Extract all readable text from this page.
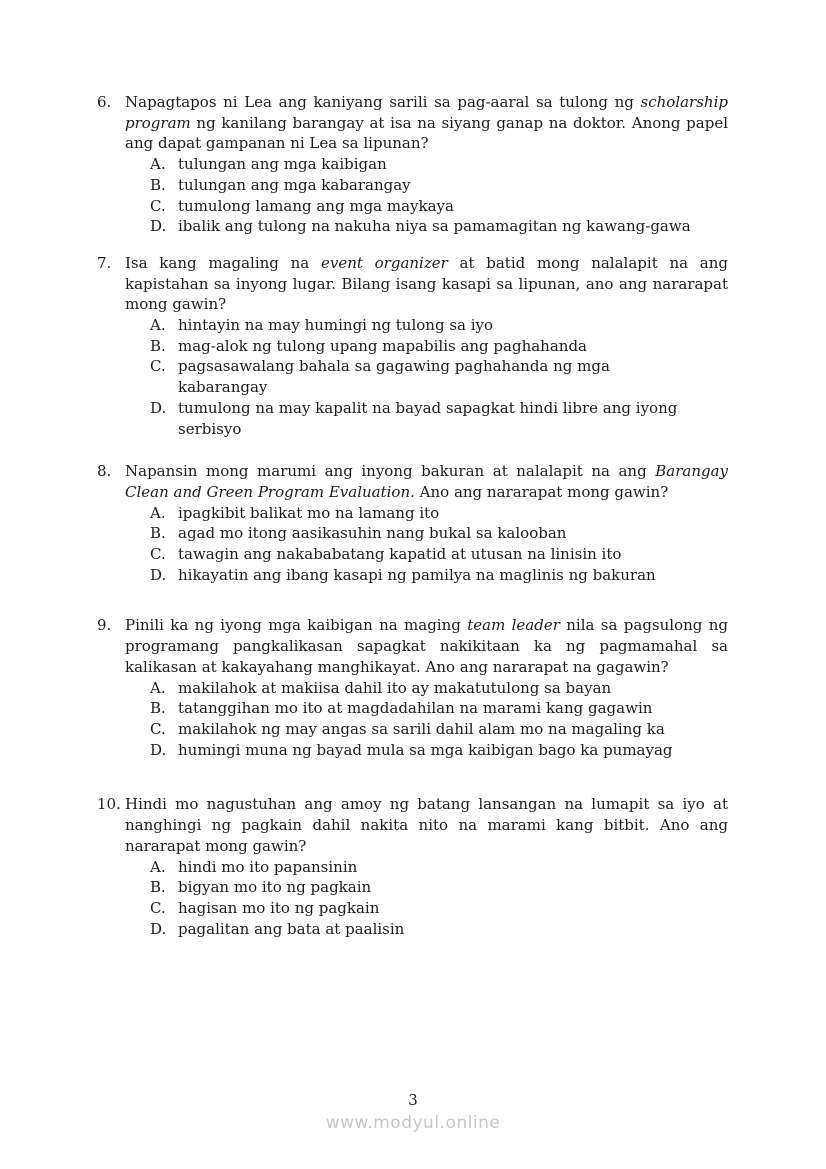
6. Napagtapos ni Lea ang kaniyang sarili sa pag-aaral sa tulong ng scholarship program ng kanilang barangay at isa na siyang ganap na doktor. Anong papel ang dapat gampanan ni Lea sa lipunan?

A. tulungan ang mga kaibigan
B. tulungan ang mga kabarangay
C. tumulong lamang ang mga maykaya
D. ibalik ang tulong na nakuha niya sa pamamagitan ng kawang-gawa
7. Isa kang magaling na event organizer at batid mong nalalapit na ang kapistahan sa inyong lugar. Bilang isang kasapi sa lipunan, ano ang nararapat mong gawin?

A. hintayin na may humingi ng tulong sa iyo
B. mag-alok ng tulong upang mapabilis ang paghahanda
C. pagsasawalang bahala sa gagawing paghahanda ng mga kabarangay
D. tumulong na may kapalit na bayad sapagkat hindi libre ang iyong serbisyo
8. Napansin mong marumi ang inyong bakuran at nalalapit na ang Barangay Clean and Green Program Evaluation. Ano ang nararapat mong gawin?

A. ipagkibit balikat mo na lamang ito
B. agad mo itong aasikasuhin nang bukal sa kalooban
C. tawagin ang nakababatang kapatid at utusan na linisin ito
D. hikayatin ang ibang kasapi ng pamilya na maglinis ng bakuran
9. Pinili ka ng iyong mga kaibigan na maging team leader nila sa pagsulong ng programang pangkalikasan sapagkat nakikitaan ka ng pagmamahal sa kalikasan at kakayahang manghikayat. Ano ang nararapat na gagawin?

A. makilahok at makiisa dahil ito ay makatutulong sa bayan
B. tatanggihan mo ito at magdadahilan na marami kang gagawin
C. makilahok ng may angas sa sarili dahil alam mo na magaling ka
D. humingi muna ng bayad mula sa mga kaibigan bago ka pumayag
10. Hindi mo nagustuhan ang amoy ng batang lansangan na lumapit sa iyo at nanghingi ng pagkain dahil nakita nito na marami kang bitbit. Ano ang nararapat mong gawin?

A. hindi mo ito papansinin
B. bigyan mo ito ng pagkain
C. hagisan mo ito ng pagkain
D. pagalitan ang bata at paalisin
3
www.modyul.online
